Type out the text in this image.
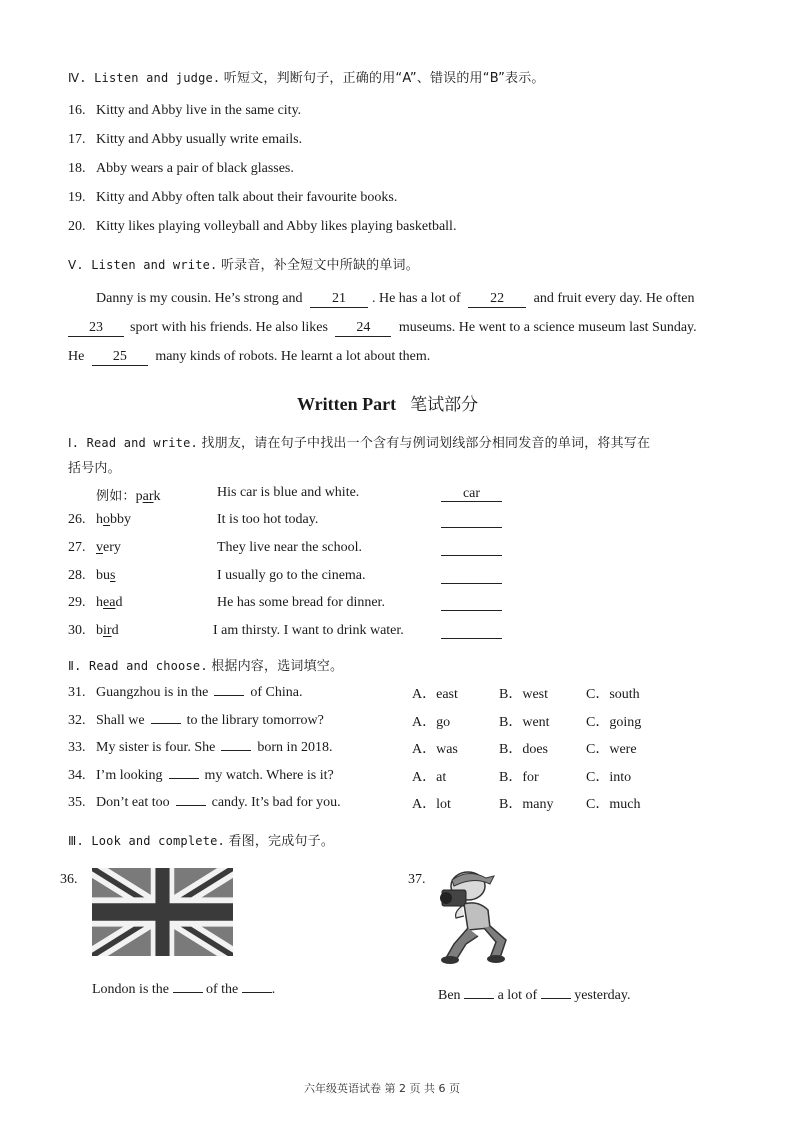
Ⅳ. Listen and judge. 听短文，判断句子，正确的用“A”、错误的用“B”表示。
16. Kitty and Abby live in the same city.
17. Kitty and Abby usually write emails.
18. Abby wears a pair of black glasses.
19. Kitty and Abby often talk about their favourite books.
20. Kitty likes playing volleyball and Abby likes playing basketball.
Ⅴ. Listen and write. 听录音，补全短文中所缺的单词。
Danny is my cousin. He’s strong and 21 . He has a lot of 22 and fruit every day. He often
23 sport with his friends. He also likes 24 museums. He went to a science museum last Sunday.
He 25 many kinds of robots. He learnt a lot about them.
Written Part 笔试部分
Ⅰ. Read and write. 找朋友，请在句子中找出一个含有与例词划线部分相同发音的单词，将其写在
括号内。
例如：park	His car is blue and white.	car
26. hobby	It is too hot today.
27. very	They live near the school.
28. bus	I usually go to the cinema.
29. head	He has some bread for dinner.
30. bird	I am thirsty. I want to drink water.
Ⅱ. Read and choose. 根据内容，选词填空。
31. Guangzhou is in the	of China.	A．east	B．west	C．south
32. Shall we	to the library tomorrow?	A．go	B．went	C．going
33. My sister is four. She	born in 2018.	A．was	B．does	C．were
34. I’m looking	my watch. Where is it?	A．at	B．for	C．into
35. Don’t eat too	candy. It’s bad for you.	A．lot	B．many C．much
Ⅲ. Look and complete. 看图，完成句子。
36.
London is the	of the .
37.
Ben	a lot of	yesterday.
六年级英语试卷 第 2 页 共 6 页
